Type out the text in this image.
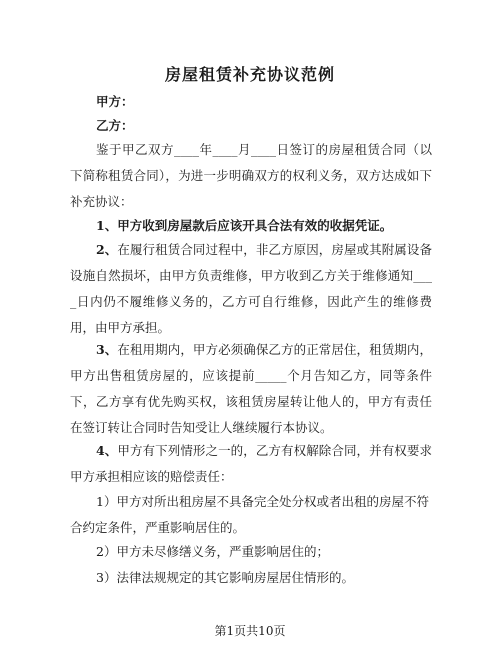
房屋租赁补充协议范例
甲方：
乙方：

鉴于甲乙双方____年____月____日签订的房屋租赁合同（以下简称租赁合同），为进一步明确双方的权利义务，双方达成如下补充协议：

1、甲方收到房屋款后应该开具合法有效的收据凭证。

2、在履行租赁合同过程中，非乙方原因，房屋或其附属设备设施自然损坏，由甲方负责维修，甲方收到乙方关于维修通知____日内仍不履维修义务的，乙方可自行维修，因此产生的维修费用，由甲方承担。

3、在租用期内，甲方必须确保乙方的正常居住，租赁期内，甲方出售租赁房屋的，应该提前_____个月告知乙方，同等条件下，乙方享有优先购买权，该租赁房屋转让他人的，甲方有责任在签订转让合同时告知受让人继续履行本协议。

4、甲方有下列情形之一的，乙方有权解除合同，并有权要求甲方承担相应该的赔偿责任：

1）甲方对所出租房屋不具备完全处分权或者出租的房屋不符合约定条件，严重影响居住的。

2）甲方未尽修缮义务，严重影响居住的；

3）法律法规规定的其它影响房屋居住情形的。

第1页共10页
